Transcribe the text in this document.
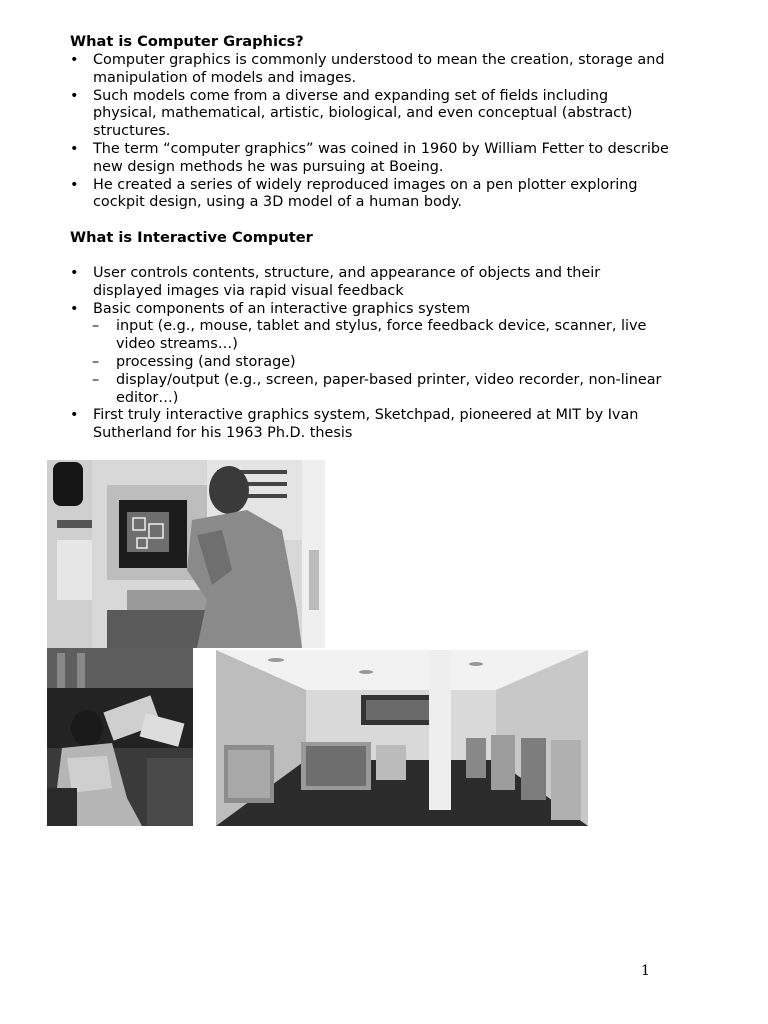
What is Computer Graphics?
• Computer graphics is commonly understood to mean the creation, storage and manipulation of models and images.
• Such models come from a diverse and expanding set of fields including physical, mathematical, artistic, biological, and even conceptual (abstract) structures.
• The term “computer graphics” was coined in 1960 by William Fetter to describe new design methods he was pursuing at Boeing.
• He created a series of widely reproduced images on a pen plotter exploring cockpit design, using a 3D model of a human body.
What is Interactive Computer
• User controls contents, structure, and appearance of objects and their displayed images via rapid visual feedback
• Basic components of an interactive graphics system
– input (e.g., mouse, tablet and stylus, force feedback device, scanner, live video streams…)
– processing (and storage)
– display/output (e.g., screen, paper-based printer, video recorder, non-linear editor…)
• First truly interactive graphics system, Sketchpad, pioneered at MIT by Ivan Sutherland for his 1963 Ph.D. thesis
1
